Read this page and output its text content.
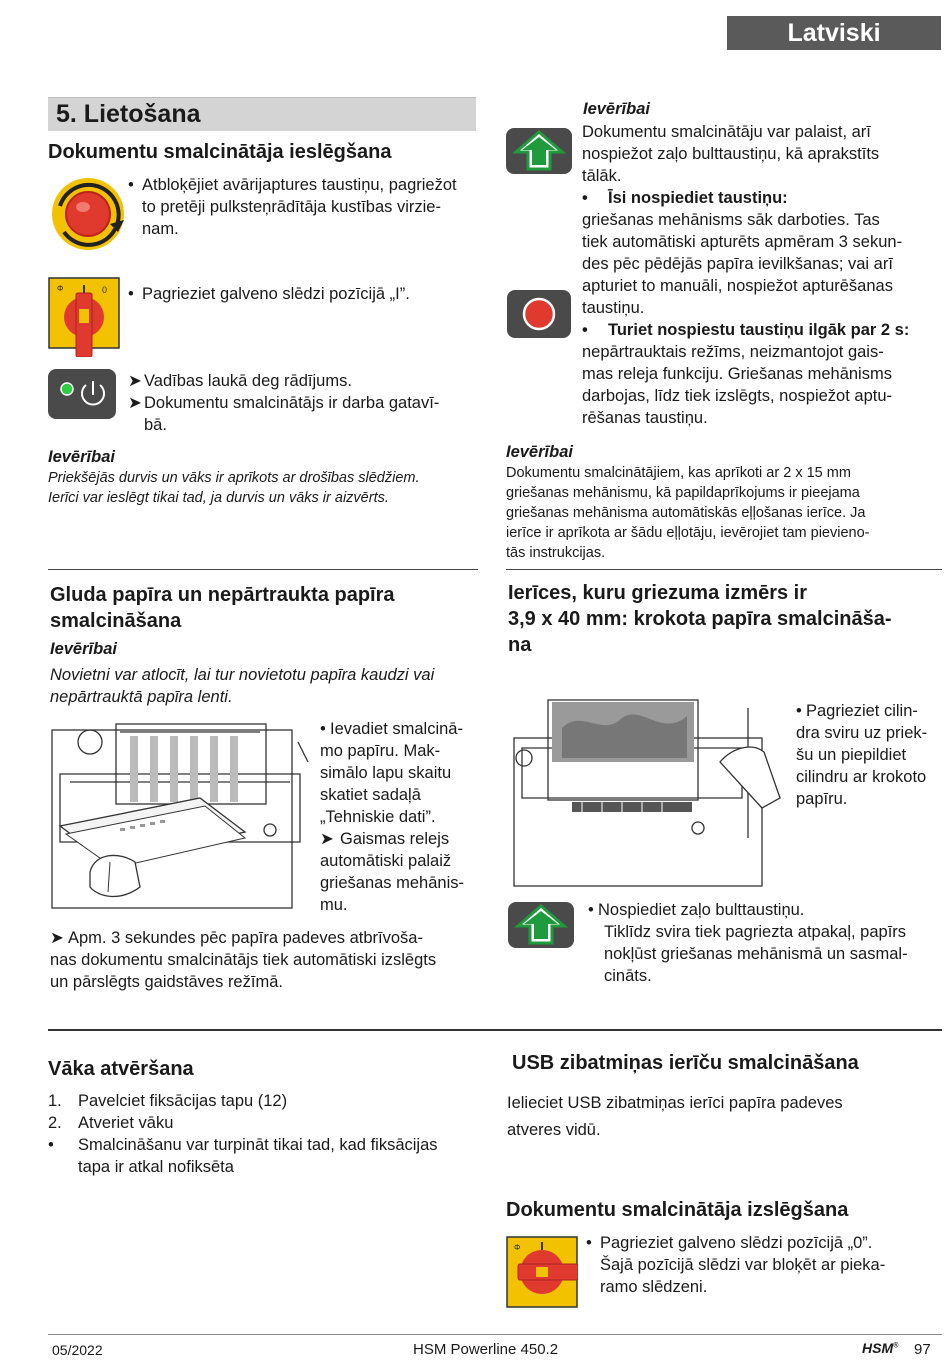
Latviski
5. Lietošana
Dokumentu smalcinātāja ieslēgšana
• Atbloķējiet avārijaptures taustiņu, pagriežot
to pretēji pulksteņrādītāja kustības virzie-
nam.
Φ	0 • Pagrieziet galveno slēdzi pozīcijā „I”.
➤ Vadības laukā deg rādījums.
➤ Dokumentu smalcinātājs ir darba gatavī-
bā.
Ievērībai
Priekšējās durvis un vāks ir aprīkots ar drošības slēdžiem.
Ierīci var ieslēgt tikai tad, ja durvis un vāks ir aizvērts.
Ievērībai
Dokumentu smalcinātāju var palaist, arī
nospiežot zaļo bulttaustiņu, kā aprakstīts
tālāk.
• Īsi nospiediet taustiņu:
griešanas mehānisms sāk darboties. Tas
tiek automātiski apturēts apmēram 3 sekun-
des pēc pēdējās papīra ievilkšanas; vai arī
apturiet to manuāli, nospiežot apturēšanas
taustiņu.
• Turiet nospiestu taustiņu ilgāk par 2 s:
nepārtrauktais režīms, neizmantojot gais-
mas releja funkciju. Griešanas mehānisms
darbojas, līdz tiek izslēgts, nospiežot aptu-
rēšanas taustiņu.
Ievērībai
Dokumentu smalcinātājiem, kas aprīkoti ar 2 x 15 mm
griešanas mehānismu, kā papildaprīkojums ir pieejama
griešanas mehānisma automātiskās eļļošanas ierīce. Ja
ierīce ir aprīkota ar šādu eļļotāju, ievērojiet tam pievieno-
tās instrukcijas.
Gluda papīra un nepārtraukta papīra
smalcināšana
Ievērībai
Novietni var atlocīt, lai tur novietotu papīra kaudzi vai
nepārtrauktā papīra lenti.
• Ievadiet smalcinā-
mo papīru. Mak-
simālo lapu skaitu
skatiet sadaļā
„Tehniskie dati”.
➤ Gaismas relejs
automātiski palaiž
griešanas mehānis-
mu.
➤ Apm. 3 sekundes pēc papīra padeves atbrīvoša-
nas dokumentu smalcinātājs tiek automātiski izslēgts
un pārslēgts gaidstāves režīmā.
Ierīces, kuru griezuma izmērs ir
3,9 x 40 mm: krokota papīra smalcināša-
na
• Pagrieziet cilin-
dra sviru uz priek-
šu un piepildiet
cilindru ar krokoto
papīru.
• Nospiediet zaļo bulttaustiņu.
Tiklīdz svira tiek pagriezta atpakaļ, papīrs
nokļūst griešanas mehānismā un sasmal-
cināts.
Vāka atvēršana
1. Pavelciet fiksācijas tapu (12)
2. Atveriet vāku
• Smalcināšanu var turpināt tikai tad, kad fiksācijas
tapa ir atkal nofiksēta
USB zibatmiņas ierīču smalcināšana
Ielieciet USB zibatmiņas ierīci papīra padeves
atveres vidū.
Dokumentu smalcinātāja izslēgšana
Φ	• Pagrieziet galveno slēdzi pozīcijā „0”.
Šajā pozīcijā slēdzi var bloķēt ar pieka-
ramo slēdzeni.
05/2022	HSM Powerline 450.2	HSM® 97
